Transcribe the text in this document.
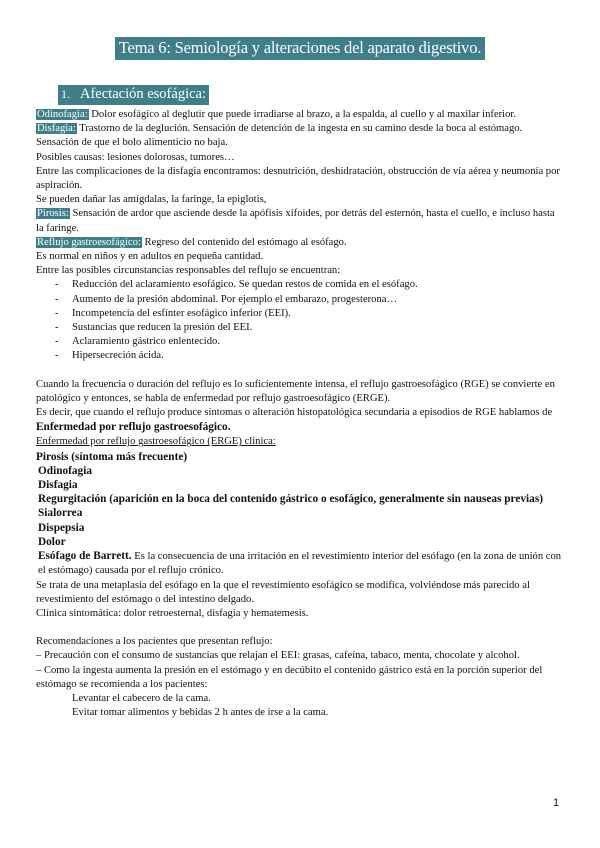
Tema 6: Semiología y alteraciones del aparato digestivo.
1. Afectación esofágica:

Odinofagia: Dolor esofágico al deglutir que puede irradiarse al brazo, a la espalda, al cuello y al maxilar inferior.

Disfagia: Trastorno de la deglución. Sensación de detención de la ingesta en su camino desde la boca al estómago. Sensación de que el bolo alimenticio no baja.

Posibles causas: lesiones dolorosas, tumores…

Entre las complicaciones de la disfagia encontramos: desnutrición, deshidratación, obstrucción de vía aérea y neumonía por aspiración.

Se pueden dañar las amígdalas, la faringe, la epiglotis,

Pirosis: Sensación de ardor que asciende desde la apófisis xifoides, por detrás del esternón, hasta el cuello, e incluso hasta la faringe.

Reflujo gastroesofágico: Regreso del contenido del estómago al esófago.

Es normal en niños y en adultos en pequeña cantidad.

Entre las posibles circunstancias responsables del reflujo se encuentran:

- Reducción del aclaramiento esofágico. Se quedan restos de comida en el esófago.
- Aumento de la presión abdominal. Por ejemplo el embarazo, progesterona…
- Incompetencia del esfínter esofágico inferior (EEI).
- Sustancias que reducen la presión del EEI.
- Aclaramiento gástrico enlentecido.
- Hipersecreción ácida.

Cuando la frecuencia o duración del reflujo es lo suficientemente intensa, el reflujo gastroesofágico (RGE) se convierte en patológico y entonces, se habla de enfermedad por reflujo gastroesofágico (ERGE).

Es decir, que cuando el reflujo produce síntomas o alteración histopatológica secundaria a episodios de RGE hablamos de Enfermedad por reflujo gastroesofágico.

Enfermedad por reflujo gastroesofágico (ERGE) clínica:

Pirosis (síntoma más frecuente)

Odinofagia

Disfagia

Regurgitación (aparición en la boca del contenido gástrico o esofágico, generalmente sin nauseas previas)

Sialorrea

Dispepsia

Dolor

Esófago de Barrett. Es la consecuencia de una irritación en el revestimiento interior del esófago (en la zona de unión con el estómago) causada por el reflujo crónico.

Se trata de una metaplasia del esófago en la que el revestimiento esofágico se modifica, volviéndose más parecido al revestimiento del estómago o del intestino delgado.

Clínica sintomática: dolor retroesternal, disfagia y hematemesis.

Recomendaciones a los pacientes que presentan reflujo:

– Precaución con el consumo de sustancias que relajan el EEI: grasas, cafeína, tabaco, menta, chocolate y alcohol.

– Como la ingesta aumenta la presión en el estómago y en decúbito el contenido gástrico está en la porción superior del estómago se recomienda a los pacientes:

Levantar el cabecero de la cama.

Evitar tomar alimentos y bebidas 2 h antes de irse a la cama.

1
